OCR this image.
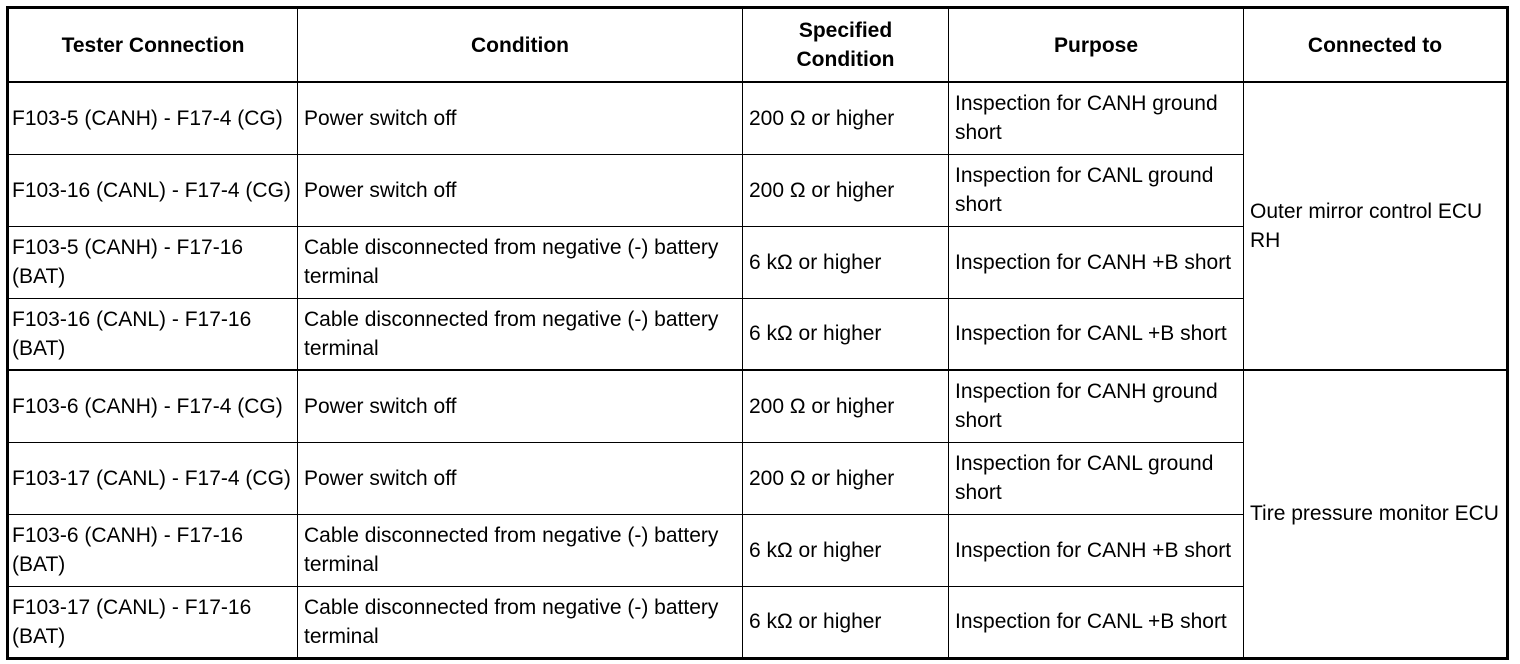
Tester Connection	Condition	Specified Condition	Purpose	Connected to
F103-5 (CANH) - F17-4 (CG)	Power switch off	200 Ω or higher	Inspection for CANH ground short	Outer mirror control ECU RH
F103-16 (CANL) - F17-4 (CG)	Power switch off	200 Ω or higher	Inspection for CANL ground short	
F103-5 (CANH) - F17-16 (BAT)	Cable disconnected from negative (-) battery terminal	6 kΩ or higher	Inspection for CANH +B short	
F103-16 (CANL) - F17-16 (BAT)	Cable disconnected from negative (-) battery terminal	6 kΩ or higher	Inspection for CANL +B short	
F103-6 (CANH) - F17-4 (CG)	Power switch off	200 Ω or higher	Inspection for CANH ground short	Tire pressure monitor ECU
F103-17 (CANL) - F17-4 (CG)	Power switch off	200 Ω or higher	Inspection for CANL ground short	
F103-6 (CANH) - F17-16 (BAT)	Cable disconnected from negative (-) battery terminal	6 kΩ or higher	Inspection for CANH +B short	
F103-17 (CANL) - F17-16 (BAT)	Cable disconnected from negative (-) battery terminal	6 kΩ or higher	Inspection for CANL +B short	
